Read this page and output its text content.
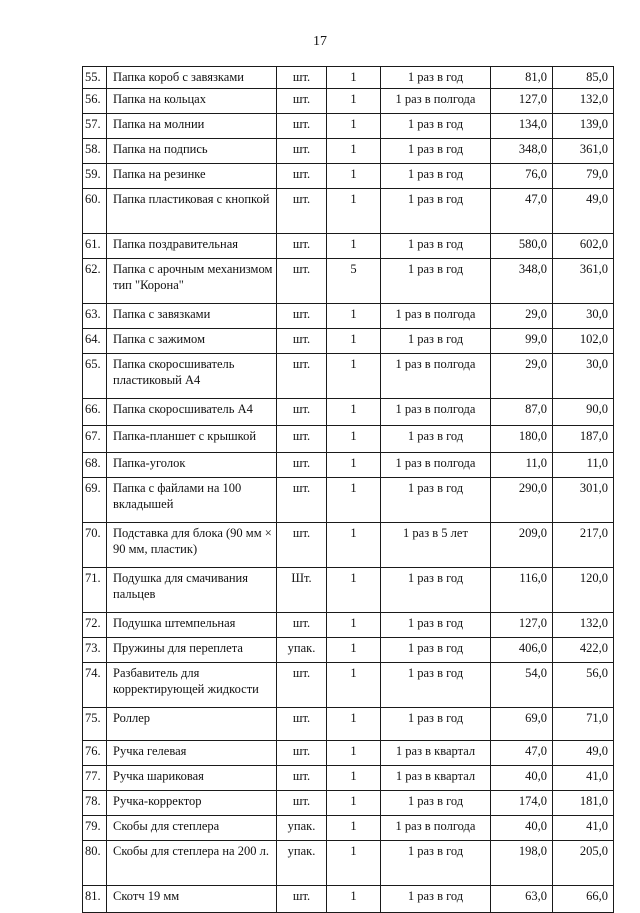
17
55.	Папка короб с завязками	шт.	1	1 раз в год	81,0	85,0
56.	Папка на кольцах	шт.	1	1 раз в полгода	127,0	132,0
57.	Папка на молнии	шт.	1	1 раз в год	134,0	139,0
58.	Папка на подпись	шт.	1	1 раз в год	348,0	361,0
59.	Папка на резинке	шт.	1	1 раз в год	76,0	79,0
60.	Папка пластиковая с кнопкой	шт.	1	1 раз в год	47,0	49,0
61.	Папка поздравительная	шт.	1	1 раз в год	580,0	602,0
62.	Папка с арочным механизмом тип "Корона"	шт.	5	1 раз в год	348,0	361,0
63.	Папка с завязками	шт.	1	1 раз в полгода	29,0	30,0
64.	Папка с зажимом	шт.	1	1 раз в год	99,0	102,0
65.	Папка скоросшиватель пластиковый А4	шт.	1	1 раз в полгода	29,0	30,0
66.	Папка скоросшиватель А4	шт.	1	1 раз в полгода	87,0	90,0
67.	Папка-планшет с крышкой	шт.	1	1 раз в год	180,0	187,0
68.	Папка-уголок	шт.	1	1 раз в полгода	11,0	11,0
69.	Папка с файлами на 100 вкладышей	шт.	1	1 раз в год	290,0	301,0
70.	Подставка для блока (90 мм × 90 мм, пластик)	шт.	1	1 раз в 5 лет	209,0	217,0
71.	Подушка для смачивания пальцев	Шт.	1	1 раз в год	116,0	120,0
72.	Подушка штемпельная	шт.	1	1 раз в год	127,0	132,0
73.	Пружины для переплета	упак.	1	1 раз в год	406,0	422,0
74.	Разбавитель для корректирующей жидкости	шт.	1	1 раз в год	54,0	56,0
75.	Роллер	шт.	1	1 раз в год	69,0	71,0
76.	Ручка гелевая	шт.	1	1 раз в квартал	47,0	49,0
77.	Ручка шариковая	шт.	1	1 раз в квартал	40,0	41,0
78.	Ручка-корректор	шт.	1	1 раз в год	174,0	181,0
79.	Скобы для степлера	упак.	1	1 раз в полгода	40,0	41,0
80.	Скобы для степлера на 200 л.	упак.	1	1 раз в год	198,0	205,0
81.	Скотч 19 мм	шт.	1	1 раз в год	63,0	66,0
